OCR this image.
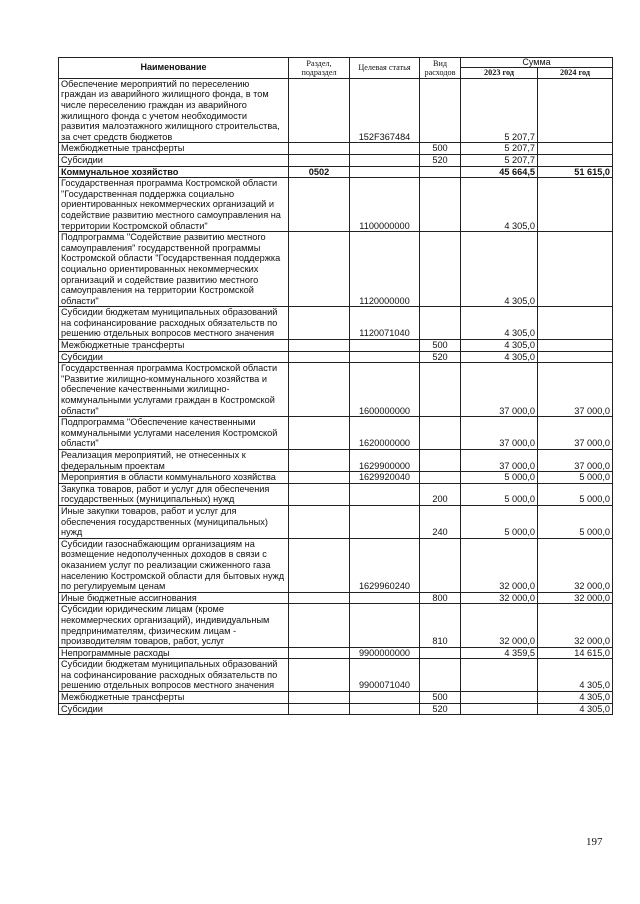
Наименование	Раздел, подраздел	Целевая статья	Вид расходов	Сумма	
				2023 год	2024 год
Обеспечение мероприятий по переселению граждан из аварийного жилищного фонда, в том числе переселению граждан из аварийного жилищного фонда с учетом необходимости развития малоэтажного жилищного строительства, за счет средств бюджетов		152F367484		5 207,7	
Межбюджетные трансферты			500	5 207,7	
Субсидии			520	5 207,7	
Коммунальное хозяйство	0502			45 664,5	51 615,0
Государственная программа Костромской области "Государственная поддержка социально ориентированных некоммерческих организаций и содействие развитию местного самоуправления на территории Костромской области"		1100000000		4 305,0	
Подпрограмма "Содействие развитию местного самоуправления" государственной программы Костромской области "Государственная поддержка социально ориентированных некоммерческих организаций и содействие развитию местного самоуправления на территории Костромской области"		1120000000		4 305,0	
Субсидии бюджетам муниципальных образований на софинансирование расходных обязательств по решению отдельных вопросов местного значения		1120071040		4 305,0	
Межбюджетные трансферты			500	4 305,0	
Субсидии			520	4 305,0	
Государственная программа Костромской области "Развитие жилищно-коммунального хозяйства и обеспечение качественными жилищно-коммунальными услугами граждан в Костромской области"		1600000000		37 000,0	37 000,0
Подпрограмма "Обеспечение качественными коммунальными услугами населения Костромской области"		1620000000		37 000,0	37 000,0
Реализация мероприятий, не отнесенных к федеральным проектам		1629900000		37 000,0	37 000,0
Мероприятия в области коммунального хозяйства		1629920040		5 000,0	5 000,0
Закупка товаров, работ и услуг для обеспечения государственных (муниципальных) нужд			200	5 000,0	5 000,0
Иные закупки товаров, работ и услуг для обеспечения государственных (муниципальных) нужд			240	5 000,0	5 000,0
Субсидии газоснабжающим организациям на возмещение недополученных доходов в связи с оказанием услуг по реализации сжиженного газа населению Костромской области для бытовых нужд по регулируемым ценам		1629960240		32 000,0	32 000,0
Иные бюджетные ассигнования			800	32 000,0	32 000,0
Субсидии юридическим лицам (кроме некоммерческих организаций), индивидуальным предпринимателям, физическим лицам - производителям товаров, работ, услуг			810	32 000,0	32 000,0
Непрограммные расходы		9900000000		4 359,5	14 615,0
Субсидии бюджетам муниципальных образований на софинансирование расходных обязательств по решению отдельных вопросов местного значения		9900071040			4 305,0
Межбюджетные трансферты			500		4 305,0
Субсидии			520		4 305,0
197
